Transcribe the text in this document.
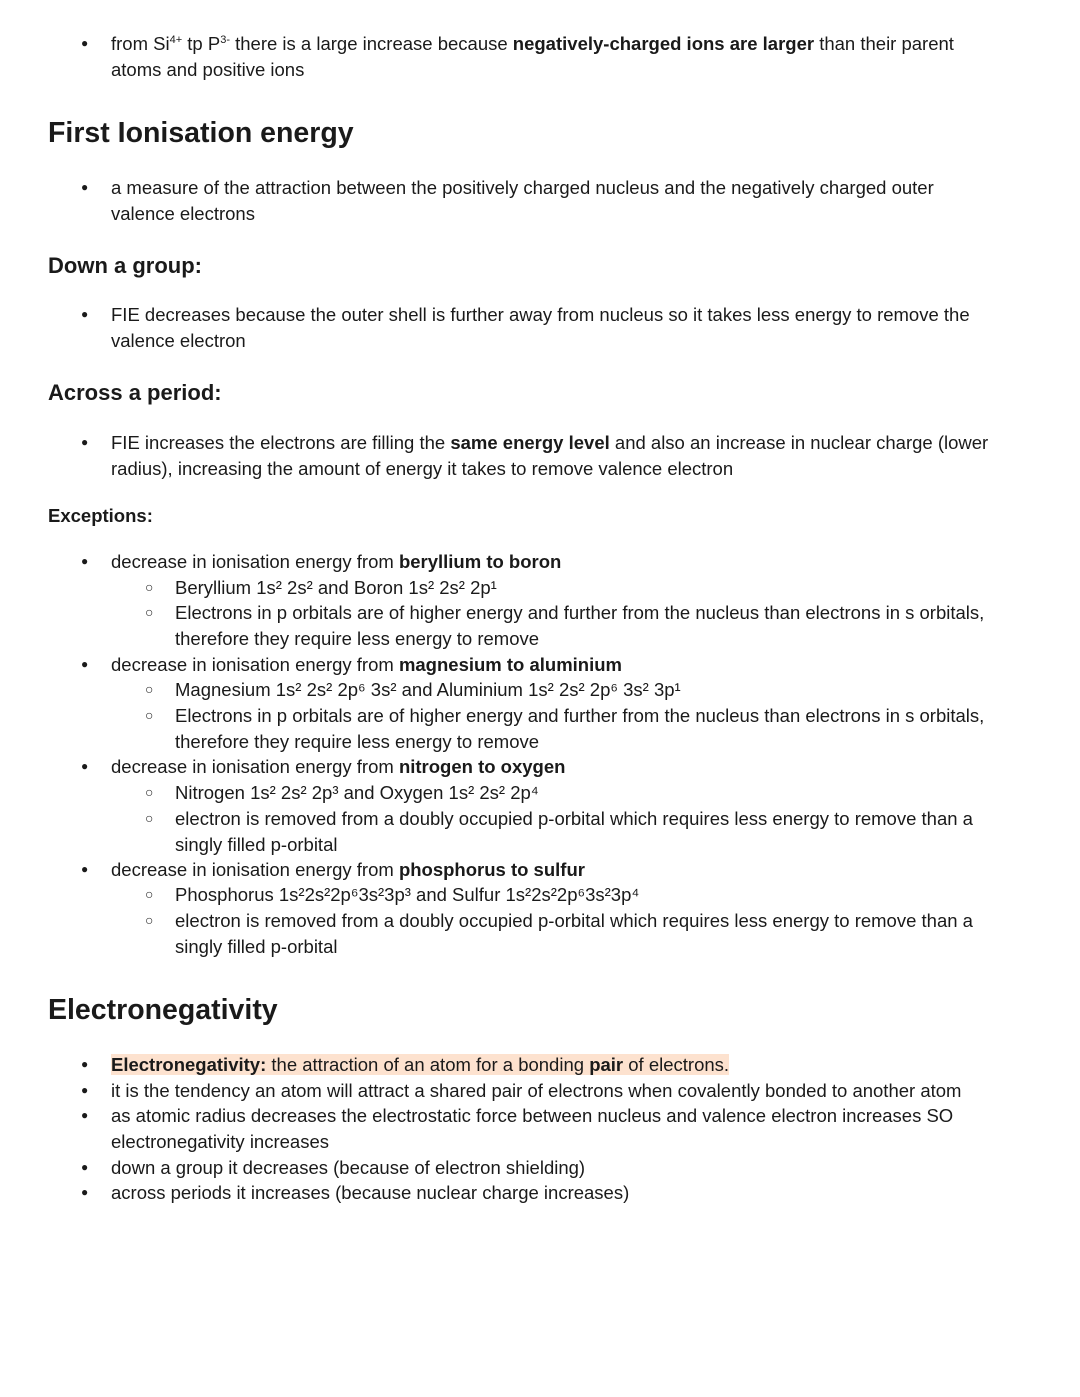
● from $Si^{4+}$ tp $P^{3-}$ there is a large increase because negatively-charged ions are larger than their parent
atoms and positive ions
First Ionisation energy
● a measure of the attraction between the positively charged nucleus and the negatively charged outer
valence electrons
Down a group:
● FIE decreases because the outer shell is further away from nucleus so it takes less energy to remove the
valence electron
Across a period:
● FIE increases the electrons are filling the same energy level and also an increase in nuclear charge (lower
radius), increasing the amount of energy it takes to remove valence electron
Exceptions:
● decrease in ionisation energy from beryllium to boron
○ Beryllium 1s² 2s² and Boron 1s² 2s² 2p¹
○ Electrons in p orbitals are of higher energy and further from the nucleus than electrons in s orbitals,
therefore they require less energy to remove
● decrease in ionisation energy from magnesium to aluminium
○ Magnesium 1s² 2s² 2p⁶ 3s² and Aluminium 1s² 2s² 2p⁶ 3s² 3p¹
○ Electrons in p orbitals are of higher energy and further from the nucleus than electrons in s orbitals,
therefore they require less energy to remove
● decrease in ionisation energy from nitrogen to oxygen
○ Nitrogen 1s² 2s² 2p³ and Oxygen 1s² 2s² 2p⁴
○ electron is removed from a doubly occupied p-orbital which requires less energy to remove than a
singly filled p-orbital
● decrease in ionisation energy from phosphorus to sulfur
○ Phosphorus 1s²2s²2p⁶3s²3p³ and Sulfur 1s²2s²2p⁶3s²3p⁴
○ electron is removed from a doubly occupied p-orbital which requires less energy to remove than a
singly filled p-orbital
Electronegativity
● Electronegativity: the attraction of an atom for a bonding pair of electrons.
● it is the tendency an atom will attract a shared pair of electrons when covalently bonded to another atom
● as atomic radius decreases the electrostatic force between nucleus and valence electron increases SO
electronegativity increases
● down a group it decreases (because of electron shielding)
● across periods it increases (because nuclear charge increases)
